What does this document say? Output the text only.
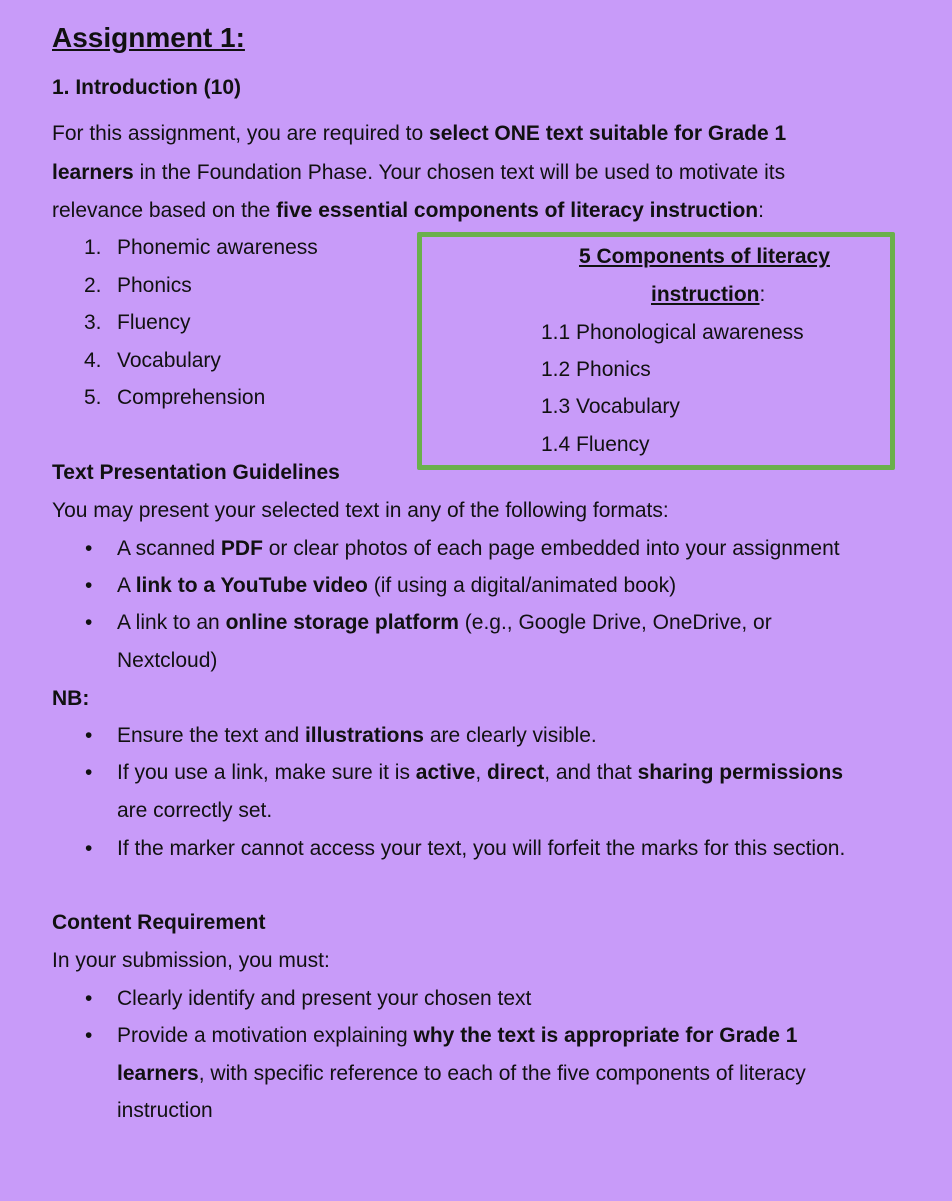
Assignment 1:
1. Introduction (10)
For this assignment, you are required to select ONE text suitable for Grade 1
learners in the Foundation Phase. Your chosen text will be used to motivate its
relevance based on the five essential components of literacy instruction:
1. Phonemic awareness
2. Phonics
3. Fluency
4. Vocabulary
5. Comprehension
5 Components of literacy
instruction:
1.1 Phonological awareness
1.2 Phonics
1.3 Vocabulary
1.4 Fluency
Text Presentation Guidelines
You may present your selected text in any of the following formats:
• A scanned PDF or clear photos of each page embedded into your assignment
• A link to a YouTube video (if using a digital/animated book)
• A link to an online storage platform (e.g., Google Drive, OneDrive, or
Nextcloud)
NB:
• Ensure the text and illustrations are clearly visible.
• If you use a link, make sure it is active, direct, and that sharing permissions
are correctly set.
• If the marker cannot access your text, you will forfeit the marks for this section.
Content Requirement
In your submission, you must:
• Clearly identify and present your chosen text
• Provide a motivation explaining why the text is appropriate for Grade 1
learners, with specific reference to each of the five components of literacy
instruction
